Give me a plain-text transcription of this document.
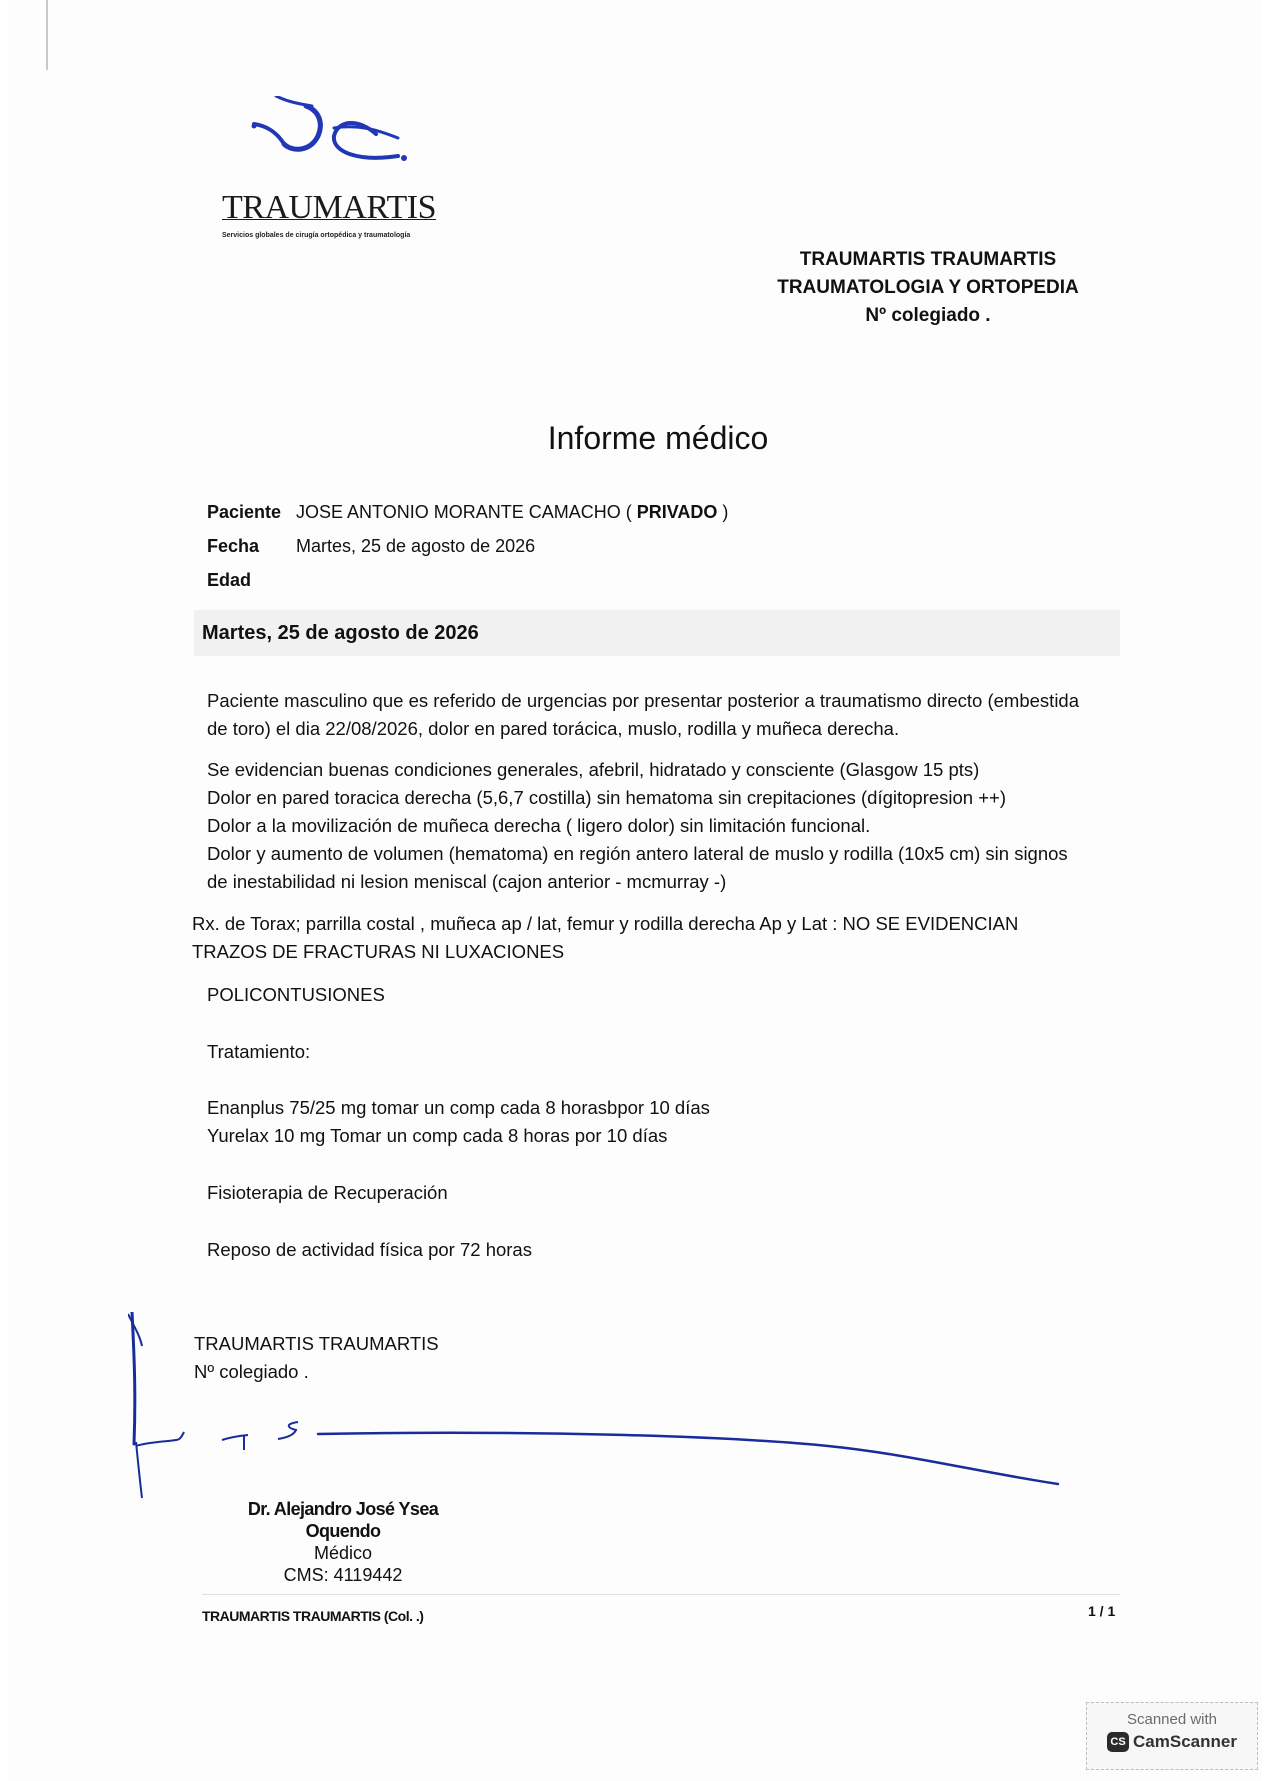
TRAUMARTIS
Servicios globales de cirugía ortopédica y traumatología
TRAUMARTIS TRAUMARTIS
TRAUMATOLOGIA Y ORTOPEDIA
Nº colegiado .
Informe médico
Paciente JOSE ANTONIO MORANTE CAMACHO ( PRIVADO )
Fecha	Martes, 25 de agosto de 2026
Edad
Martes, 25 de agosto de 2026
Paciente masculino que es referido de urgencias por presentar posterior a traumatismo directo (embestida
de toro) el dia 22/08/2026, dolor en pared torácica, muslo, rodilla y muñeca derecha.
Se evidencian buenas condiciones generales, afebril, hidratado y consciente (Glasgow 15 pts)
Dolor en pared toracica derecha (5,6,7 costilla) sin hematoma sin crepitaciones (dígitopresion ++)
Dolor a la movilización de muñeca derecha ( ligero dolor) sin limitación funcional.
Dolor y aumento de volumen (hematoma) en región antero lateral de muslo y rodilla (10x5 cm) sin signos
de inestabilidad ni lesion meniscal (cajon anterior - mcmurray -)
Rx. de Torax; parrilla costal , muñeca ap / lat, femur y rodilla derecha Ap y Lat : NO SE EVIDENCIAN
TRAZOS DE FRACTURAS NI LUXACIONES
POLICONTUSIONES
Tratamiento:
Enanplus 75/25 mg tomar un comp cada 8 horasbpor 10 días
Yurelax 10 mg Tomar un comp cada 8 horas por 10 días
Fisioterapia de Recuperación
Reposo de actividad física por 72 horas
TRAUMARTIS TRAUMARTIS
Nº colegiado .
Dr. Alejandro José Ysea Oquendo
Médico
CMS: 4119442
TRAUMARTIS TRAUMARTIS (Col. .)	1 / 1
Scanned with
CS CamScanner
